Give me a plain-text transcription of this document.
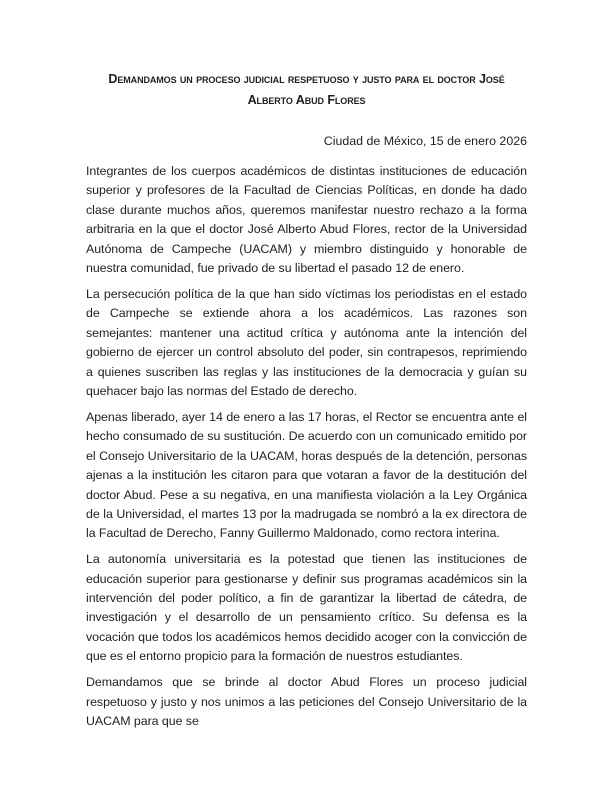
Demandamos un proceso judicial respetuoso y justo para el doctor José
Alberto Abud Flores
Ciudad de México, 15 de enero 2026

Integrantes de los cuerpos académicos de distintas instituciones de educación superior y profesores de la Facultad de Ciencias Políticas, en donde ha dado clase durante muchos años, queremos manifestar nuestro rechazo a la forma arbitraria en la que el doctor José Alberto Abud Flores, rector de la Universidad Autónoma de Campeche (UACAM) y miembro distinguido y honorable de nuestra comunidad, fue privado de su libertad el pasado 12 de enero.

La persecución política de la que han sido víctimas los periodistas en el estado de Campeche se extiende ahora a los académicos. Las razones son semejantes: mantener una actitud crítica y autónoma ante la intención del gobierno de ejercer un control absoluto del poder, sin contrapesos, reprimiendo a quienes suscriben las reglas y las instituciones de la democracia y guían su quehacer bajo las normas del Estado de derecho.

Apenas liberado, ayer 14 de enero a las 17 horas, el Rector se encuentra ante el hecho consumado de su sustitución. De acuerdo con un comunicado emitido por el Consejo Universitario de la UACAM, horas después de la detención, personas ajenas a la institución les citaron para que votaran a favor de la destitución del doctor Abud. Pese a su negativa, en una manifiesta violación a la Ley Orgánica de la Universidad, el martes 13 por la madrugada se nombró a la ex directora de la Facultad de Derecho, Fanny Guillermo Maldonado, como rectora interina.

La autonomía universitaria es la potestad que tienen las instituciones de educación superior para gestionarse y definir sus programas académicos sin la intervención del poder político, a fin de garantizar la libertad de cátedra, de investigación y el desarrollo de un pensamiento crítico. Su defensa es la vocación que todos los académicos hemos decidido acoger con la convicción de que es el entorno propicio para la formación de nuestros estudiantes.

Demandamos que se brinde al doctor Abud Flores un proceso judicial respetuoso y justo y nos unimos a las peticiones del Consejo Universitario de la UACAM para que se
